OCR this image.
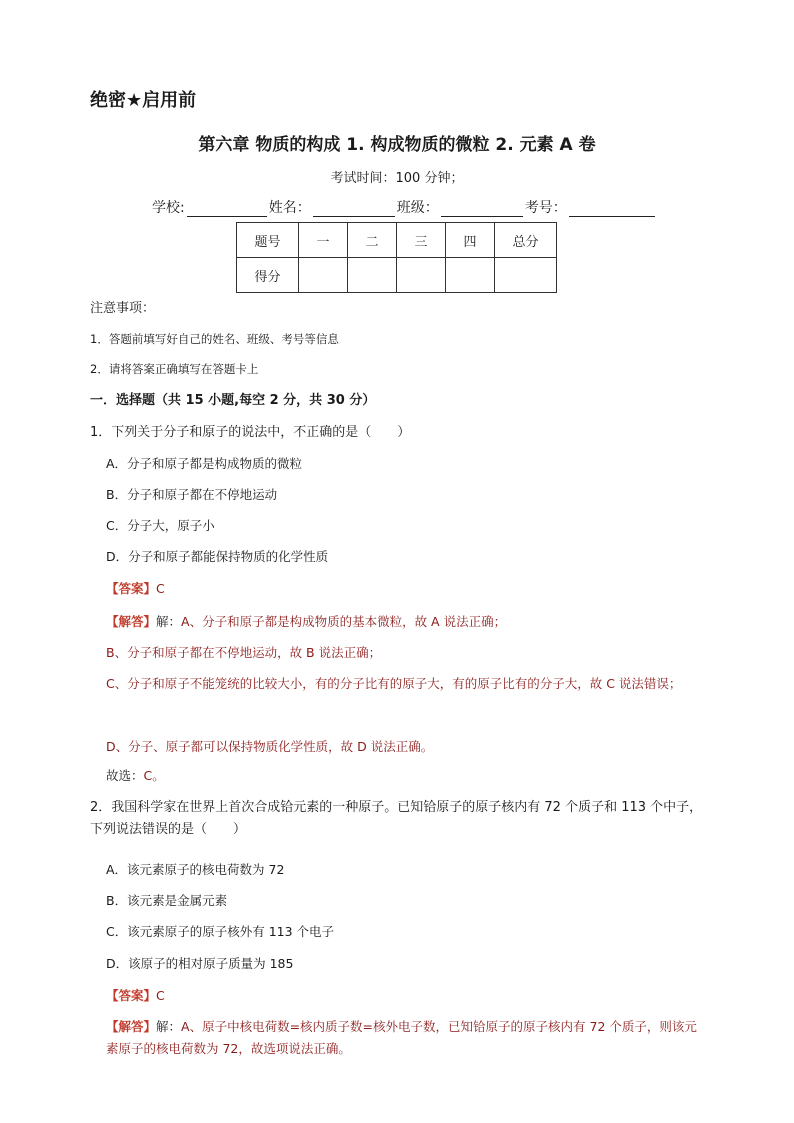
绝密★启用前
第六章 物质的构成 1. 构成物质的微粒 2. 元素 A 卷
考试时间：100 分钟；
学校:	姓名：	班级：	考号：
题号	一	二	三	四	总分
得分					
注意事项：
1．答题前填写好自己的姓名、班级、考号等信息
2．请将答案正确填写在答题卡上
一．选择题（共 15 小题,每空 2 分，共 30 分）
1．下列关于分子和原子的说法中，不正确的是（　　）
A．分子和原子都是构成物质的微粒
B．分子和原子都在不停地运动
C．分子大，原子小
D．分子和原子都能保持物质的化学性质
【答案】C
【解答】解：A、分子和原子都是构成物质的基本微粒，故 A 说法正确；
B、分子和原子都在不停地运动，故 B 说法正确；
C、分子和原子不能笼统的比较大小，有的分子比有的原子大，有的原子比有的分子大，故 C 说法错误；
D、分子、原子都可以保持物质化学性质，故 D 说法正确。
故选：C。
2．我国科学家在世界上首次合成铪元素的一种原子。已知铪原子的原子核内有 72 个质子和 113 个中子，下列说法错误的是（　　）
A．该元素原子的核电荷数为 72
B．该元素是金属元素
C．该元素原子的原子核外有 113 个电子
D．该原子的相对原子质量为 185
【答案】C
【解答】解：A、原子中核电荷数=核内质子数=核外电子数，已知铪原子的原子核内有 72 个质子，则该元素原子的核电荷数为 72，故选项说法正确。
